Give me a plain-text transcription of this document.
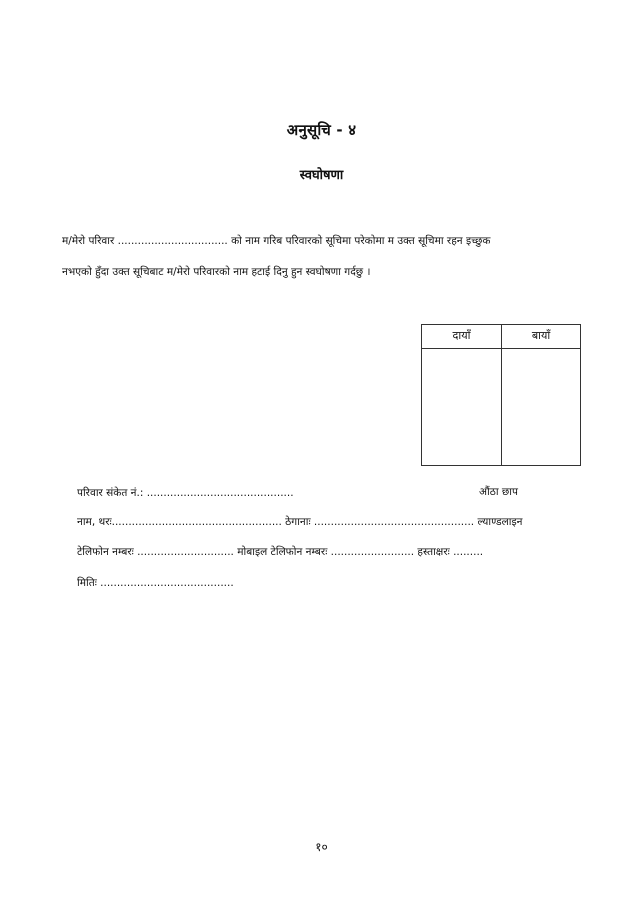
अनुसूचि - ४
स्वघोषणा
म/मेरो परिवार ................................. को नाम गरिब परिवारको सूचिमा परेकोमा म उक्त सूचिमा रहन इच्छुक
नभएको हुँदा उक्त सूचिबाट म/मेरो परिवारको नाम हटाई दिनु हुन स्वघोषणा गर्दछु ।
दायाँ	बायाँ
परिवार संकेत नं.: ............................................	औंठा छाप
नाम, थरः................................................... ठेगानाः ................................................ ल्याण्डलाइन
टेलिफोन नम्बरः ............................. मोबाइल टेलिफोन नम्बरः ......................... हस्ताक्षरः .........
मितिः ........................................
१०
